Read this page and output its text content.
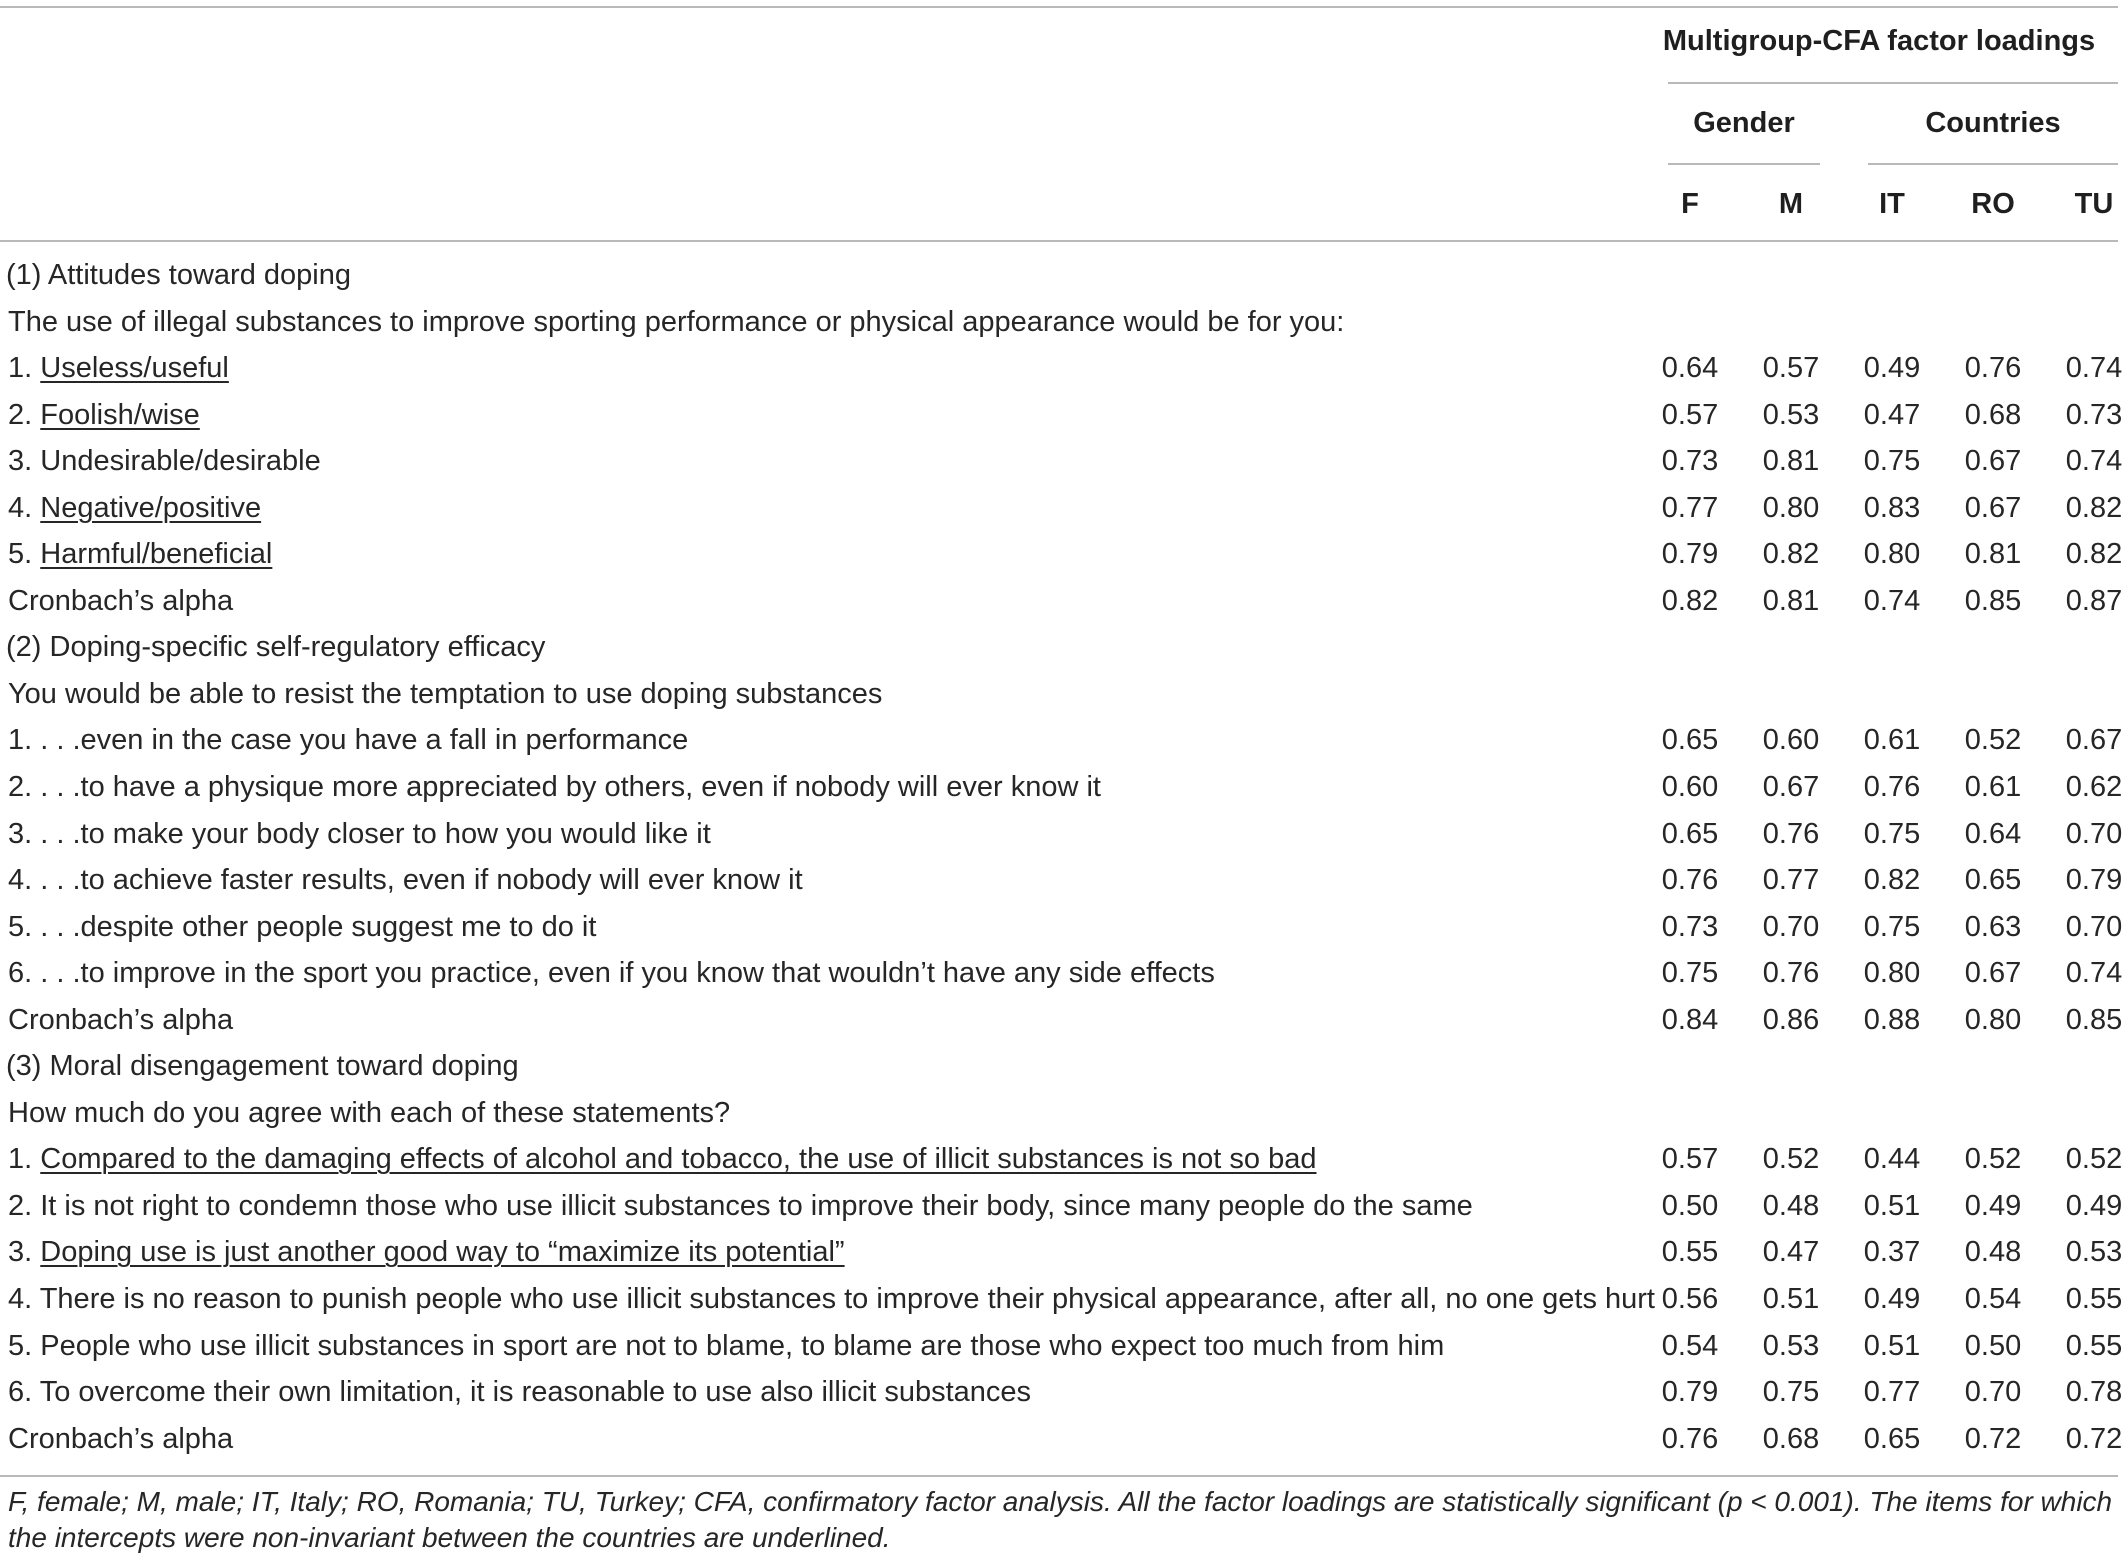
Multigroup-CFA factor loadings
Gender	Countries
F	M	IT	RO	TU
(1) Attitudes toward doping
The use of illegal substances to improve sporting performance or physical appearance would be for you:
1. Useless/useful	0.64	0.57	0.49	0.76	0.74
2. Foolish/wise	0.57	0.53	0.47	0.68	0.73
3. Undesirable/desirable	0.73	0.81	0.75	0.67	0.74
4. Negative/positive	0.77	0.80	0.83	0.67	0.82
5. Harmful/beneficial	0.79	0.82	0.80	0.81	0.82
Cronbach’s alpha	0.82	0.81	0.74	0.85	0.87
(2) Doping-specific self-regulatory efficacy
You would be able to resist the temptation to use doping substances
1. . . .even in the case you have a fall in performance	0.65	0.60	0.61	0.52	0.67
2. . . .to have a physique more appreciated by others, even if nobody will ever know it	0.60	0.67	0.76	0.61	0.62
3. . . .to make your body closer to how you would like it	0.65	0.76	0.75	0.64	0.70
4. . . .to achieve faster results, even if nobody will ever know it	0.76	0.77	0.82	0.65	0.79
5. . . .despite other people suggest me to do it	0.73	0.70	0.75	0.63	0.70
6. . . .to improve in the sport you practice, even if you know that wouldn’t have any side effects	0.75	0.76	0.80	0.67	0.74
Cronbach’s alpha	0.84	0.86	0.88	0.80	0.85
(3) Moral disengagement toward doping
How much do you agree with each of these statements?
1. Compared to the damaging effects of alcohol and tobacco, the use of illicit substances is not so bad	0.57	0.52	0.44	0.52	0.52
2. It is not right to condemn those who use illicit substances to improve their body, since many people do the same	0.50	0.48	0.51	0.49	0.49
3. Doping use is just another good way to “maximize its potential”	0.55	0.47	0.37	0.48	0.53
4. There is no reason to punish people who use illicit substances to improve their physical appearance, after all, no one gets hurt 0.56	0.51	0.49	0.54	0.55
5. People who use illicit substances in sport are not to blame, to blame are those who expect too much from him	0.54	0.53	0.51	0.50	0.55
6. To overcome their own limitation, it is reasonable to use also illicit substances	0.79	0.75	0.77	0.70	0.78
Cronbach’s alpha	0.76	0.68	0.65	0.72	0.72
F, female; M, male; IT, Italy; RO, Romania; TU, Turkey; CFA, confirmatory factor analysis. All the factor loadings are statistically significant (p < 0.001). The items for which the intercepts were non-invariant between the countries are underlined.
